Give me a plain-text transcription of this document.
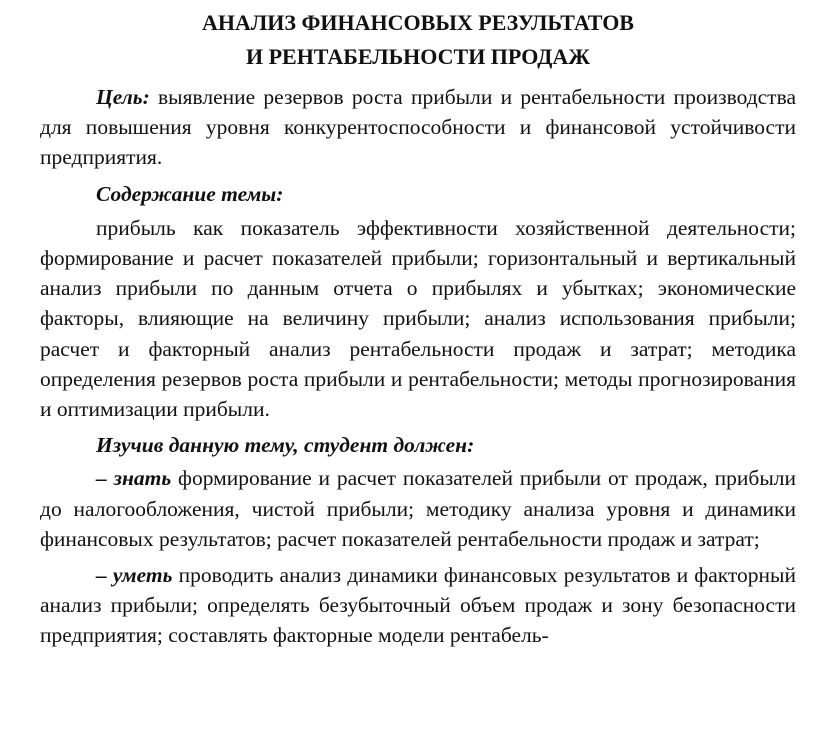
АНАЛИЗ ФИНАНСОВЫХ РЕЗУЛЬТАТОВ
И РЕНТАБЕЛЬНОСТИ ПРОДАЖ

Цель: выявление резервов роста прибыли и рентабельности производства для повышения уровня конкурентоспособности и финансовой устойчивости предприятия.

Содержание темы:

прибыль как показатель эффективности хозяйственной деятельности; формирование и расчет показателей прибыли; горизонтальный и вертикальный анализ прибыли по данным отчета о прибылях и убытках; экономические факторы, влияющие на величину прибыли; анализ использования прибыли; расчет и факторный анализ рентабельности продаж и затрат; методика определения резервов роста прибыли и рентабельности; методы прогнозирования и оптимизации прибыли.

Изучив данную тему, студент должен:

– знать формирование и расчет показателей прибыли от продаж, прибыли до налогообложения, чистой прибыли; методику анализа уровня и динамики финансовых результатов; расчет показателей рентабельности продаж и затрат;

– уметь проводить анализ динамики финансовых результатов и факторный анализ прибыли; определять безубыточный объем продаж и зону безопасности предприятия; составлять факторные модели рентабель-
